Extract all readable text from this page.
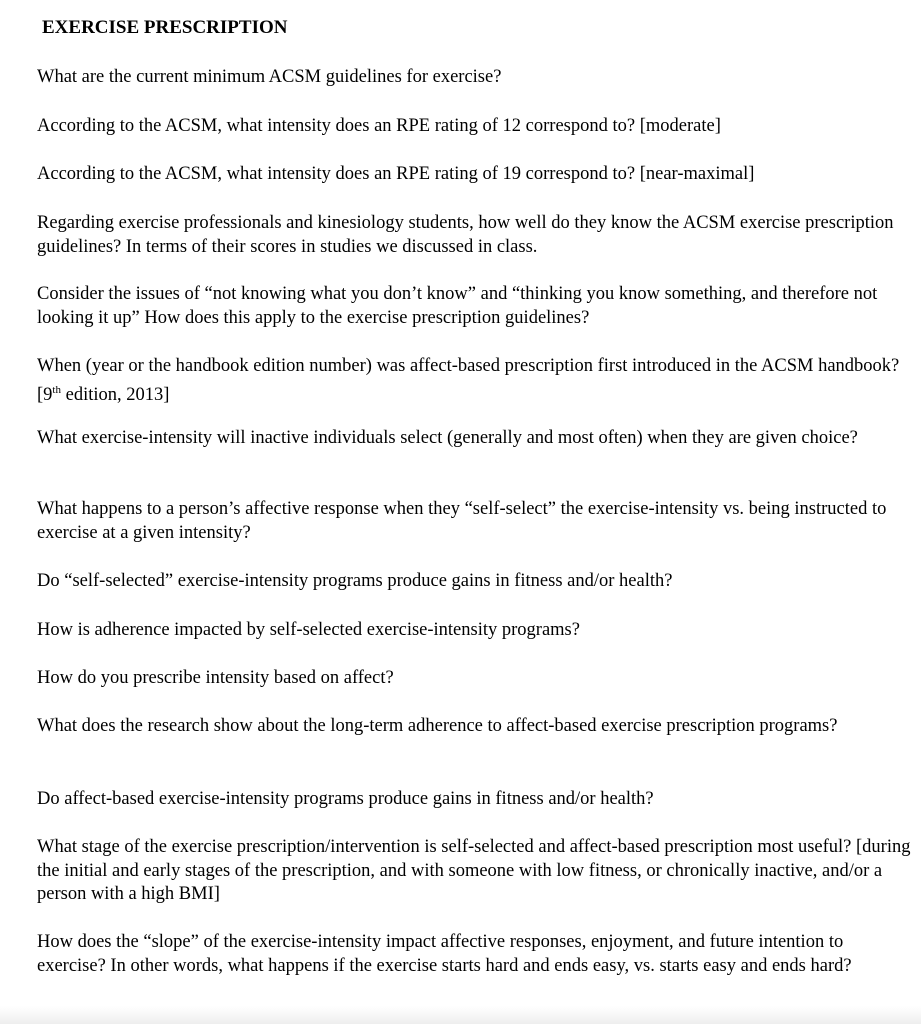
EXERCISE PRESCRIPTION

What are the current minimum ACSM guidelines for exercise?

According to the ACSM, what intensity does an RPE rating of 12 correspond to? [moderate]

According to the ACSM, what intensity does an RPE rating of 19 correspond to? [near-maximal]

Regarding exercise professionals and kinesiology students, how well do they know the ACSM exercise prescription guidelines? In terms of their scores in studies we discussed in class.

Consider the issues of “not knowing what you don’t know” and “thinking you know something, and therefore not looking it up” How does this apply to the exercise prescription guidelines?

When (year or the handbook edition number) was affect-based prescription first introduced in the ACSM handbook? [9th edition, 2013]

What exercise-intensity will inactive individuals select (generally and most often) when they are given choice?

What happens to a person’s affective response when they “self-select” the exercise-intensity vs. being instructed to exercise at a given intensity?

Do “self-selected” exercise-intensity programs produce gains in fitness and/or health?

How is adherence impacted by self-selected exercise-intensity programs?

How do you prescribe intensity based on affect?

What does the research show about the long-term adherence to affect-based exercise prescription programs?

Do affect-based exercise-intensity programs produce gains in fitness and/or health?

What stage of the exercise prescription/intervention is self-selected and affect-based prescription most useful? [during the initial and early stages of the prescription, and with someone with low fitness, or chronically inactive, and/or a person with a high BMI]

How does the “slope” of the exercise-intensity impact affective responses, enjoyment, and future intention to exercise? In other words, what happens if the exercise starts hard and ends easy, vs. starts easy and ends hard?
